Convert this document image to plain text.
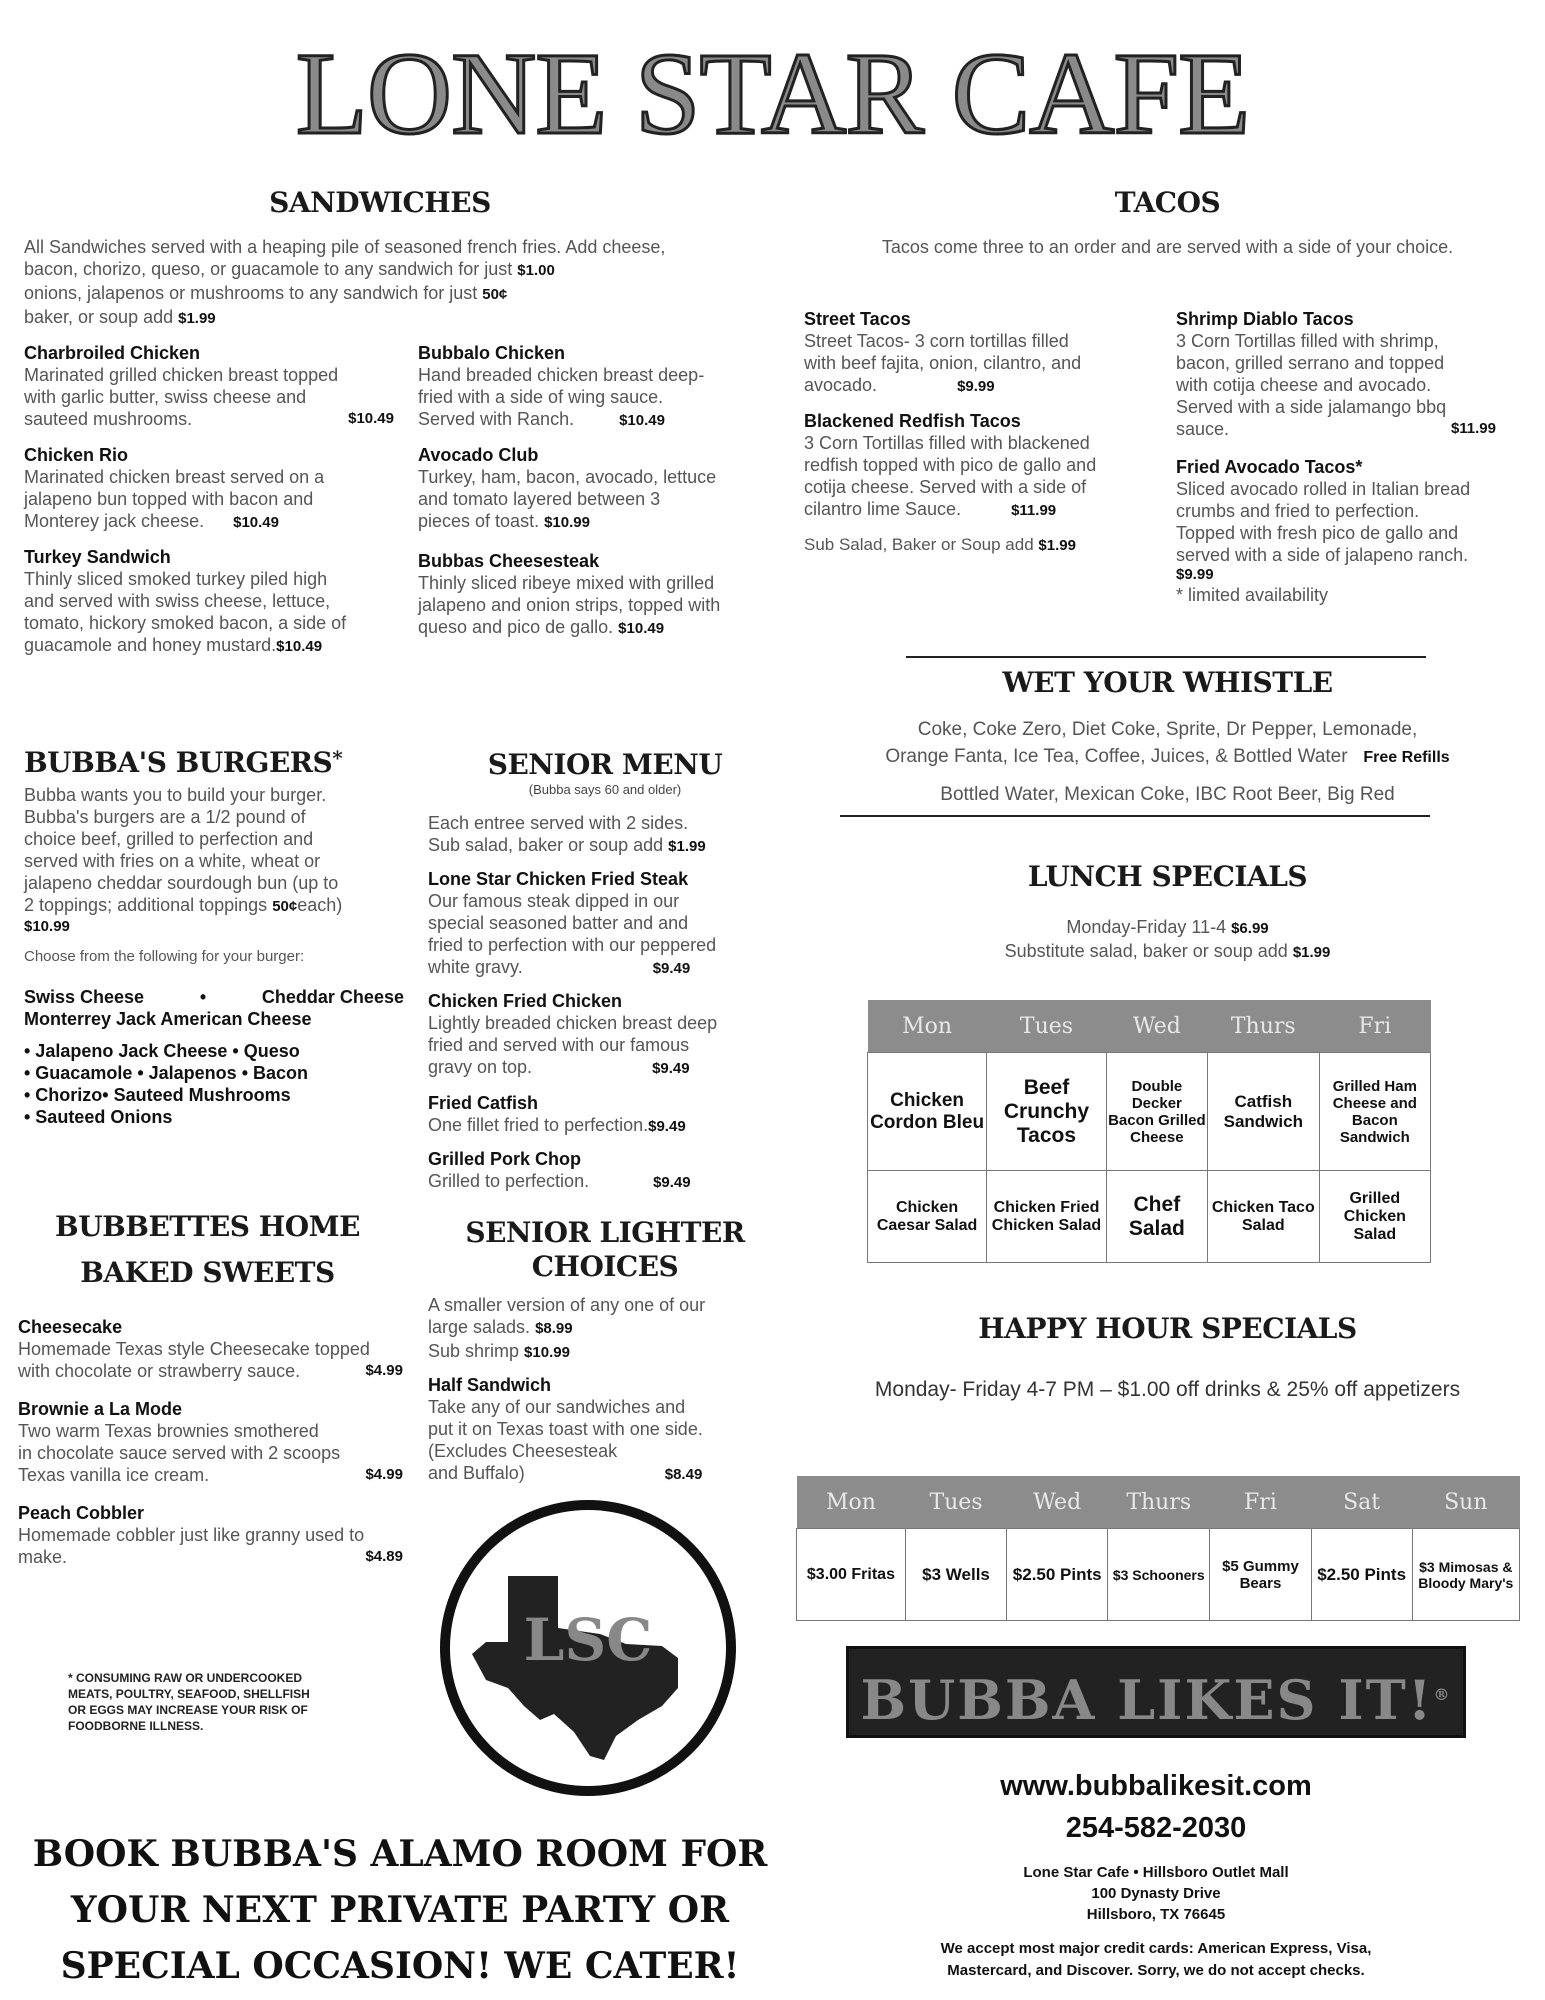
LONE STAR CAFE
SANDWICHES
All Sandwiches served with a heaping pile of seasoned french fries. Add cheese,
bacon, chorizo, queso, or guacamole to any sandwich for just $1.00
onions, jalapenos or mushrooms to any sandwich for just 50¢
baker, or soup add $1.99
Charbroiled Chicken
Marinated grilled chicken breast topped
with garlic butter, swiss cheese and
sauteed mushrooms.	$10.49
Chicken Rio
Marinated chicken breast served on a
jalapeno bun topped with bacon and
Monterey jack cheese. $10.49
Turkey Sandwich
Thinly sliced smoked turkey piled high
and served with swiss cheese, lettuce,
tomato, hickory smoked bacon, a side of
guacamole and honey mustard.$10.49
Bubbalo Chicken
Hand breaded chicken breast deep-
fried with a side of wing sauce.
Served with Ranch.	$10.49
Avocado Club
Turkey, ham, bacon, avocado, lettuce
and tomato layered between 3
pieces of toast. $10.99
Bubbas Cheesesteak
Thinly sliced ribeye mixed with grilled
jalapeno and onion strips, topped with
queso and pico de gallo. $10.49
TACOS
Tacos come three to an order and are served with a side of your choice.
Street Tacos
Street Tacos- 3 corn tortillas filled
with beef fajita, onion, cilantro, and
avocado.	$9.99
Blackened Redfish Tacos
3 Corn Tortillas filled with blackened
redfish topped with pico de gallo and
cotija cheese. Served with a side of
cilantro lime Sauce.	$11.99
Sub Salad, Baker or Soup add $1.99
Shrimp Diablo Tacos
3 Corn Tortillas filled with shrimp,
bacon, grilled serrano and topped
with cotija cheese and avocado.
Served with a side jalamango bbq
sauce.	$11.99
Fried Avocado Tacos*
Sliced avocado rolled in Italian bread
crumbs and fried to perfection.
Topped with fresh pico de gallo and
served with a side of jalapeno ranch.
$9.99
* limited availability
WET YOUR WHISTLE
Coke, Coke Zero, Diet Coke, Sprite, Dr Pepper, Lemonade,
Orange Fanta, Ice Tea, Coffee, Juices, & Bottled Water Free Refills
Bottled Water, Mexican Coke, IBC Root Beer, Big Red
BUBBA'S BURGERS*
Bubba wants you to build your burger.
Bubba's burgers are a 1/2 pound of
choice beef, grilled to perfection and
served with fries on a white, wheat or
jalapeno cheddar sourdough bun (up to
2 toppings; additional toppings 50¢each)
$10.99
Choose from the following for your burger:
Swiss Cheese	•	Cheddar Cheese
Monterrey Jack American Cheese
• Jalapeno Jack Cheese • Queso
• Guacamole • Jalapenos • Bacon
• Chorizo• Sauteed Mushrooms
• Sauteed Onions
SENIOR MENU
(Bubba says 60 and older)
Each entree served with 2 sides.
Sub salad, baker or soup add $1.99
Lone Star Chicken Fried Steak
Our famous steak dipped in our
special seasoned batter and and
fried to perfection with our peppered
white gravy.	$9.49
Chicken Fried Chicken
Lightly breaded chicken breast deep
fried and served with our famous
gravy on top.	$9.49
Fried Catfish
One fillet fried to perfection.$9.49
Grilled Pork Chop
Grilled to perfection.	$9.49
LUNCH SPECIALS
Monday-Friday 11-4 $6.99
Substitute salad, baker or soup add $1.99
Mon	Tues	Wed	Thurs	Fri
Chicken Cordon Bleu	Beef Crunchy Tacos	Double Decker Bacon Grilled Cheese	Catfish Sandwich	Grilled Ham Cheese and Bacon Sandwich
Chicken Caesar Salad	Chicken Fried Chicken Salad	Chef Salad	Chicken Taco Salad	Grilled Chicken Salad
BUBBETTES HOME
BAKED SWEETS
Cheesecake
Homemade Texas style Cheesecake topped
with chocolate or strawberry sauce.	$4.99
Brownie a La Mode
Two warm Texas brownies smothered
in chocolate sauce served with 2 scoops
Texas vanilla ice cream.	$4.99
Peach Cobbler
Homemade cobbler just like granny used to
make.	$4.89
SENIOR LIGHTER
CHOICES
A smaller version of any one of our
large salads. $8.99
Sub shrimp $10.99
Half Sandwich
Take any of our sandwiches and
put it on Texas toast with one side.
(Excludes Cheesesteak
and Buffalo)	$8.49
HAPPY HOUR SPECIALS
Monday- Friday 4-7 PM – $1.00 off drinks & 25% off appetizers
Mon	Tues	Wed	Thurs	Fri	Sat	Sun
$3.00 Fritas	$3 Wells	$2.50 Pints	$3 Schooners	$5 Gummy Bears	$2.50 Pints	$3 Mimosas & Bloody Mary's
* CONSUMING RAW OR UNDERCOOKED
MEATS, POULTRY, SEAFOOD, SHELLFISH
OR EGGS MAY INCREASE YOUR RISK OF
FOODBORNE ILLNESS.
LSC
BUBBA LIKES IT!®
www.bubbalikesit.com
254-582-2030
Lone Star Cafe • Hillsboro Outlet Mall
100 Dynasty Drive
Hillsboro, TX 76645
We accept most major credit cards: American Express, Visa,
Mastercard, and Discover. Sorry, we do not accept checks.
BOOK BUBBA'S ALAMO ROOM FOR
YOUR NEXT PRIVATE PARTY OR
SPECIAL OCCASION! WE CATER!
